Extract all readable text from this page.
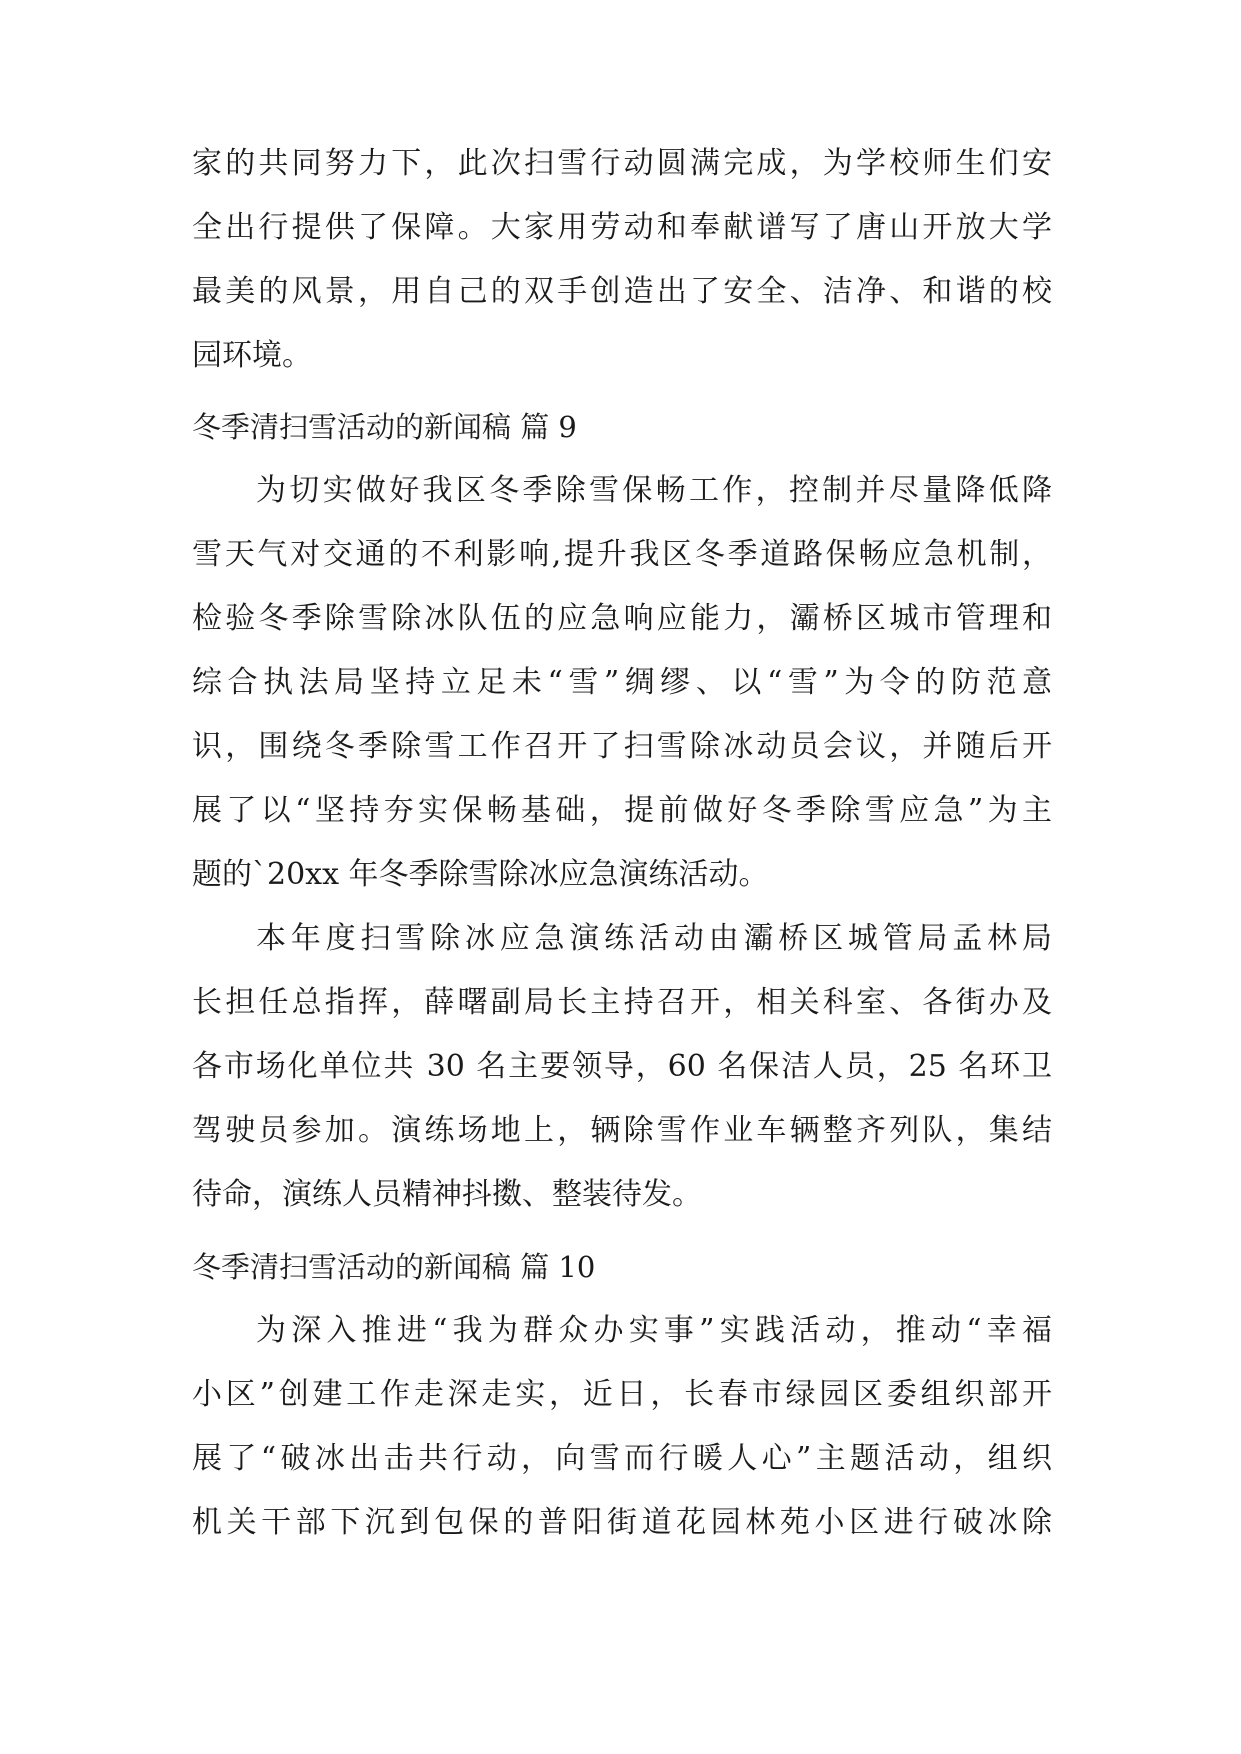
家的共同努力下，此次扫雪行动圆满完成，为学校师生们安
全出行提供了保障。大家用劳动和奉献谱写了唐山开放大学
最美的风景，用自己的双手创造出了安全、洁净、和谐的校
园环境。
冬季清扫雪活动的新闻稿 篇 9
为切实做好我区冬季除雪保畅工作，控制并尽量降低降
雪天气对交通的不利影响,提升我区冬季道路保畅应急机制，
检验冬季除雪除冰队伍的应急响应能力，灞桥区城市管理和
综合执法局坚持立足未“雪”绸缪、以“雪”为令的防范意
识，围绕冬季除雪工作召开了扫雪除冰动员会议，并随后开
展了以“坚持夯实保畅基础，提前做好冬季除雪应急”为主
题的`20xx 年冬季除雪除冰应急演练活动。
本年度扫雪除冰应急演练活动由灞桥区城管局孟林局
长担任总指挥，薛曙副局长主持召开，相关科室、各街办及
各市场化单位共 30 名主要领导，60 名保洁人员，25 名环卫
驾驶员参加。演练场地上，辆除雪作业车辆整齐列队，集结
待命，演练人员精神抖擞、整装待发。
冬季清扫雪活动的新闻稿 篇 10
为深入推进“我为群众办实事”实践活动，推动“幸福
小区”创建工作走深走实，近日，长春市绿园区委组织部开
展了“破冰出击共行动，向雪而行暖人心”主题活动，组织
机关干部下沉到包保的普阳街道花园林苑小区进行破冰除
